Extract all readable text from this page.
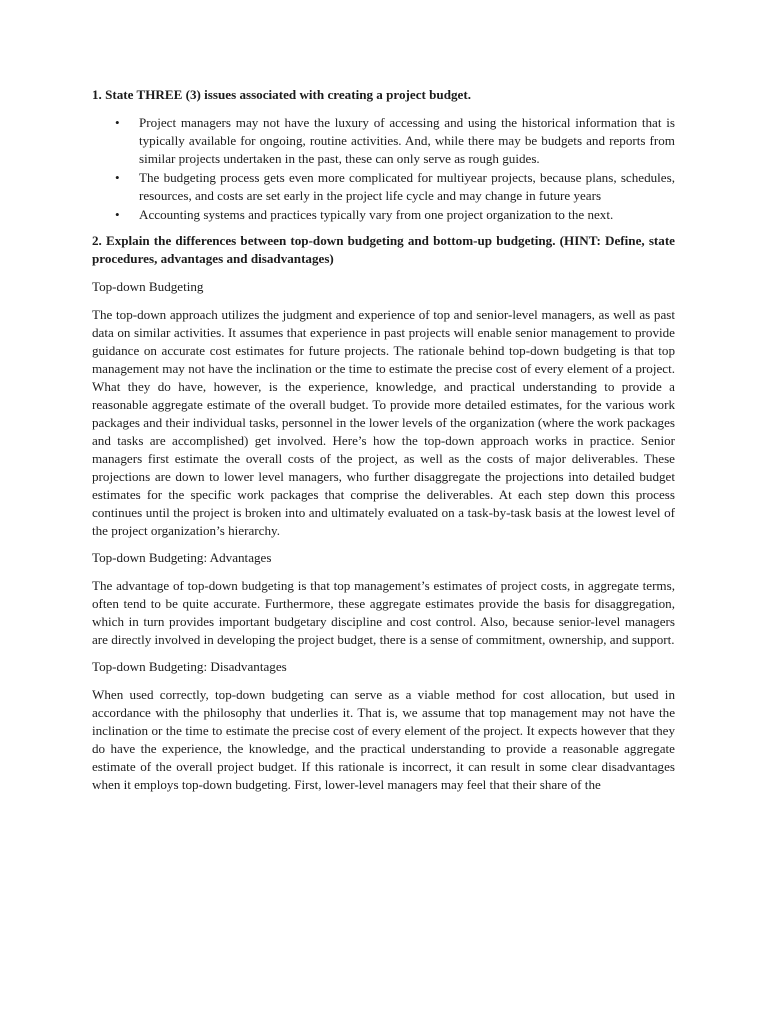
1. State THREE (3) issues associated with creating a project budget.

• Project managers may not have the luxury of accessing and using the historical information that is typically available for ongoing, routine activities. And, while there may be budgets and reports from similar projects undertaken in the past, these can only serve as rough guides.
• The budgeting process gets even more complicated for multiyear projects, because plans, schedules, resources, and costs are set early in the project life cycle and may change in future years
• Accounting systems and practices typically vary from one project organization to the next.

2. Explain the differences between top-down budgeting and bottom-up budgeting. (HINT: Define, state procedures, advantages and disadvantages)

Top-down Budgeting

The top-down approach utilizes the judgment and experience of top and senior-level managers, as well as past data on similar activities. It assumes that experience in past projects will enable senior management to provide guidance on accurate cost estimates for future projects. The rationale behind top-down budgeting is that top management may not have the inclination or the time to estimate the precise cost of every element of a project. What they do have, however, is the experience, knowledge, and practical understanding to provide a reasonable aggregate estimate of the overall budget. To provide more detailed estimates, for the various work packages and their individual tasks, personnel in the lower levels of the organization (where the work packages and tasks are accomplished) get involved. Here’s how the top-down approach works in practice. Senior managers first estimate the overall costs of the project, as well as the costs of major deliverables. These projections are down to lower level managers, who further disaggregate the projections into detailed budget estimates for the specific work packages that comprise the deliverables. At each step down this process continues until the project is broken into and ultimately evaluated on a task-by-task basis at the lowest level of the project organization’s hierarchy.

Top-down Budgeting: Advantages

The advantage of top-down budgeting is that top management’s estimates of project costs, in aggregate terms, often tend to be quite accurate. Furthermore, these aggregate estimates provide the basis for disaggregation, which in turn provides important budgetary discipline and cost control. Also, because senior-level managers are directly involved in developing the project budget, there is a sense of commitment, ownership, and support.

Top-down Budgeting: Disadvantages

When used correctly, top-down budgeting can serve as a viable method for cost allocation, but used in accordance with the philosophy that underlies it. That is, we assume that top management may not have the inclination or the time to estimate the precise cost of every element of the project. It expects however that they do have the experience, the knowledge, and the practical understanding to provide a reasonable aggregate estimate of the overall project budget. If this rationale is incorrect, it can result in some clear disadvantages when it employs top-down budgeting. First, lower-level managers may feel that their share of the
